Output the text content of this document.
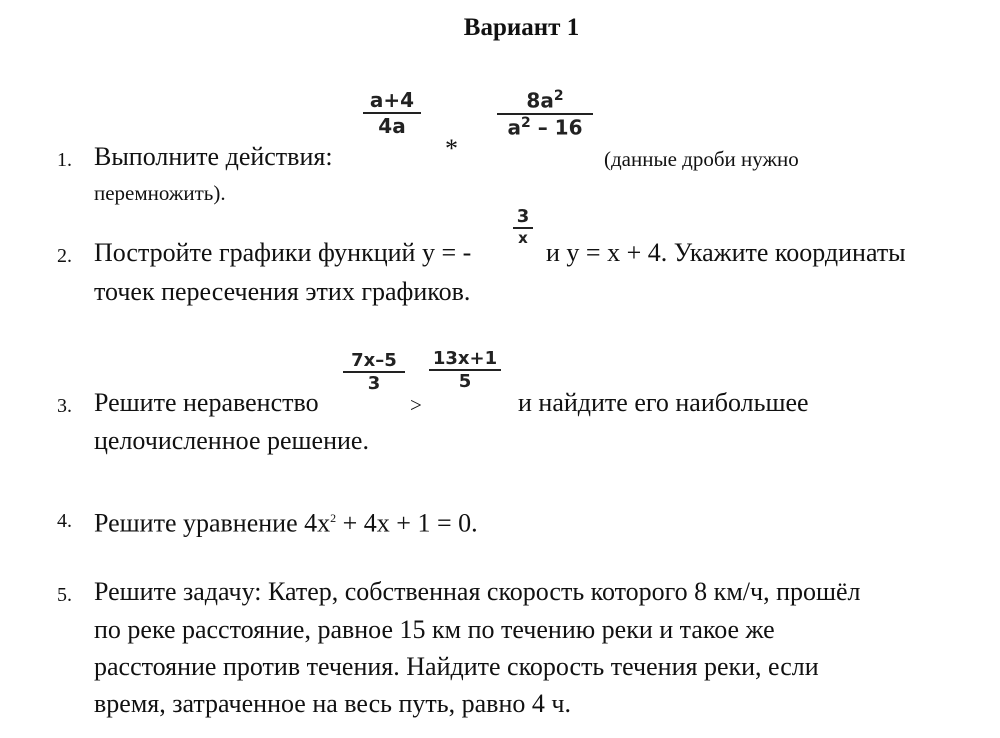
Вариант 1
1. Выполните действия:
a+4
4a
*
$8a^2$
$a^2 - 16$
(данные дроби нужно
перемножить).
2. Постройте графики функций у = -
3
x и у = х + 4. Укажите координаты
точек пересечения этих графиков.
3. Решите неравенство
7x–5
3
>
13x+1
5
и найдите его наибольшее
целочисленное решение.
4. Решите уравнение $4х^2 + 4х + 1 = 0$.
5. Решите задачу: Катер, собственная скорость которого 8 км/ч, прошёл
по реке расстояние, равное 15 км по течению реки и такое же
расстояние против течения. Найдите скорость течения реки, если
время, затраченное на весь путь, равно 4 ч.
